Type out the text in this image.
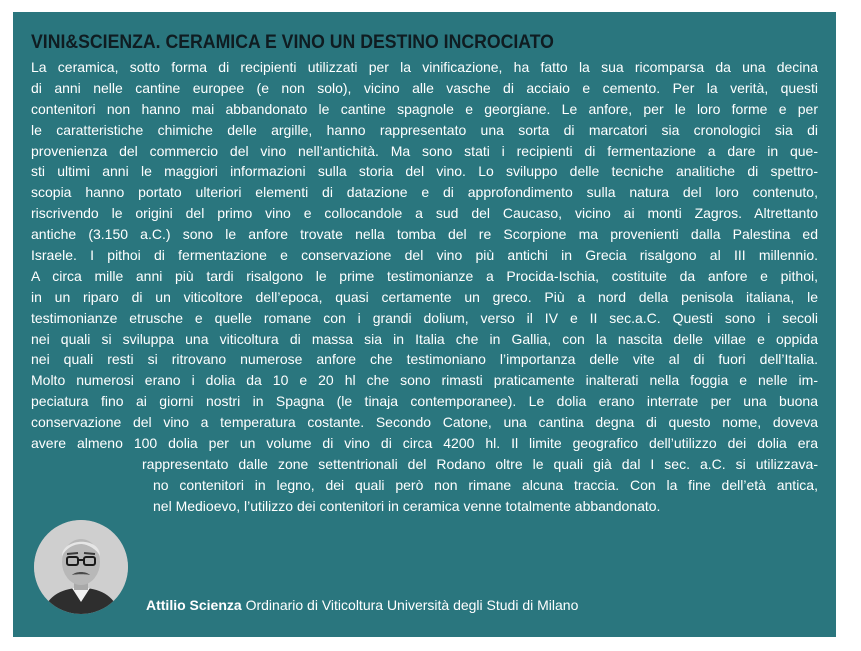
VINI&SCIENZA. CERAMICA E VINO UN DESTINO INCROCIATO
La ceramica, sotto forma di recipienti utilizzati per la vinificazione, ha fatto la sua ricomparsa da una decina
di anni nelle cantine europee (e non solo), vicino alle vasche di acciaio e cemento. Per la verità, questi
contenitori non hanno mai abbandonato le cantine spagnole e georgiane. Le anfore, per le loro forme e per
le caratteristiche chimiche delle argille, hanno rappresentato una sorta di marcatori sia cronologici sia di
provenienza del commercio del vino nell’antichità. Ma sono stati i recipienti di fermentazione a dare in que-
sti ultimi anni le maggiori informazioni sulla storia del vino. Lo sviluppo delle tecniche analitiche di spettro-
scopia hanno portato ulteriori elementi di datazione e di approfondimento sulla natura del loro contenuto,
riscrivendo le origini del primo vino e collocandole a sud del Caucaso, vicino ai monti Zagros. Altrettanto
antiche (3.150 a.C.) sono le anfore trovate nella tomba del re Scorpione ma provenienti dalla Palestina ed
Israele. I pithoi di fermentazione e conservazione del vino più antichi in Grecia risalgono al III millennio.
A circa mille anni più tardi risalgono le prime testimonianze a Procida-Ischia, costituite da anfore e pithoi,
in un riparo di un viticoltore dell’epoca, quasi certamente un greco. Più a nord della penisola italiana, le
testimonianze etrusche e quelle romane con i grandi dolium, verso il IV e II sec.a.C. Questi sono i secoli
nei quali si sviluppa una viticoltura di massa sia in Italia che in Gallia, con la nascita delle villae e oppida
nei quali resti si ritrovano numerose anfore che testimoniano l’importanza delle vite al di fuori dell’Italia.
Molto numerosi erano i dolia da 10 e 20 hl che sono rimasti praticamente inalterati nella foggia e nelle im-
peciatura fino ai giorni nostri in Spagna (le tinaja contemporanee). Le dolia erano interrate per una buona
conservazione del vino a temperatura costante. Secondo Catone, una cantina degna di questo nome, doveva
avere almeno 100 dolia per un volume di vino di circa 4200 hl. Il limite geografico dell’utilizzo dei dolia era
rappresentato dalle zone settentrionali del Rodano oltre le quali già dal I sec. a.C. si utilizzava-
no contenitori in legno, dei quali però non rimane alcuna traccia. Con la fine dell’età antica,
nel Medioevo, l’utilizzo dei contenitori in ceramica venne totalmente abbandonato.
Attilio Scienza Ordinario di Viticoltura Università degli Studi di Milano
